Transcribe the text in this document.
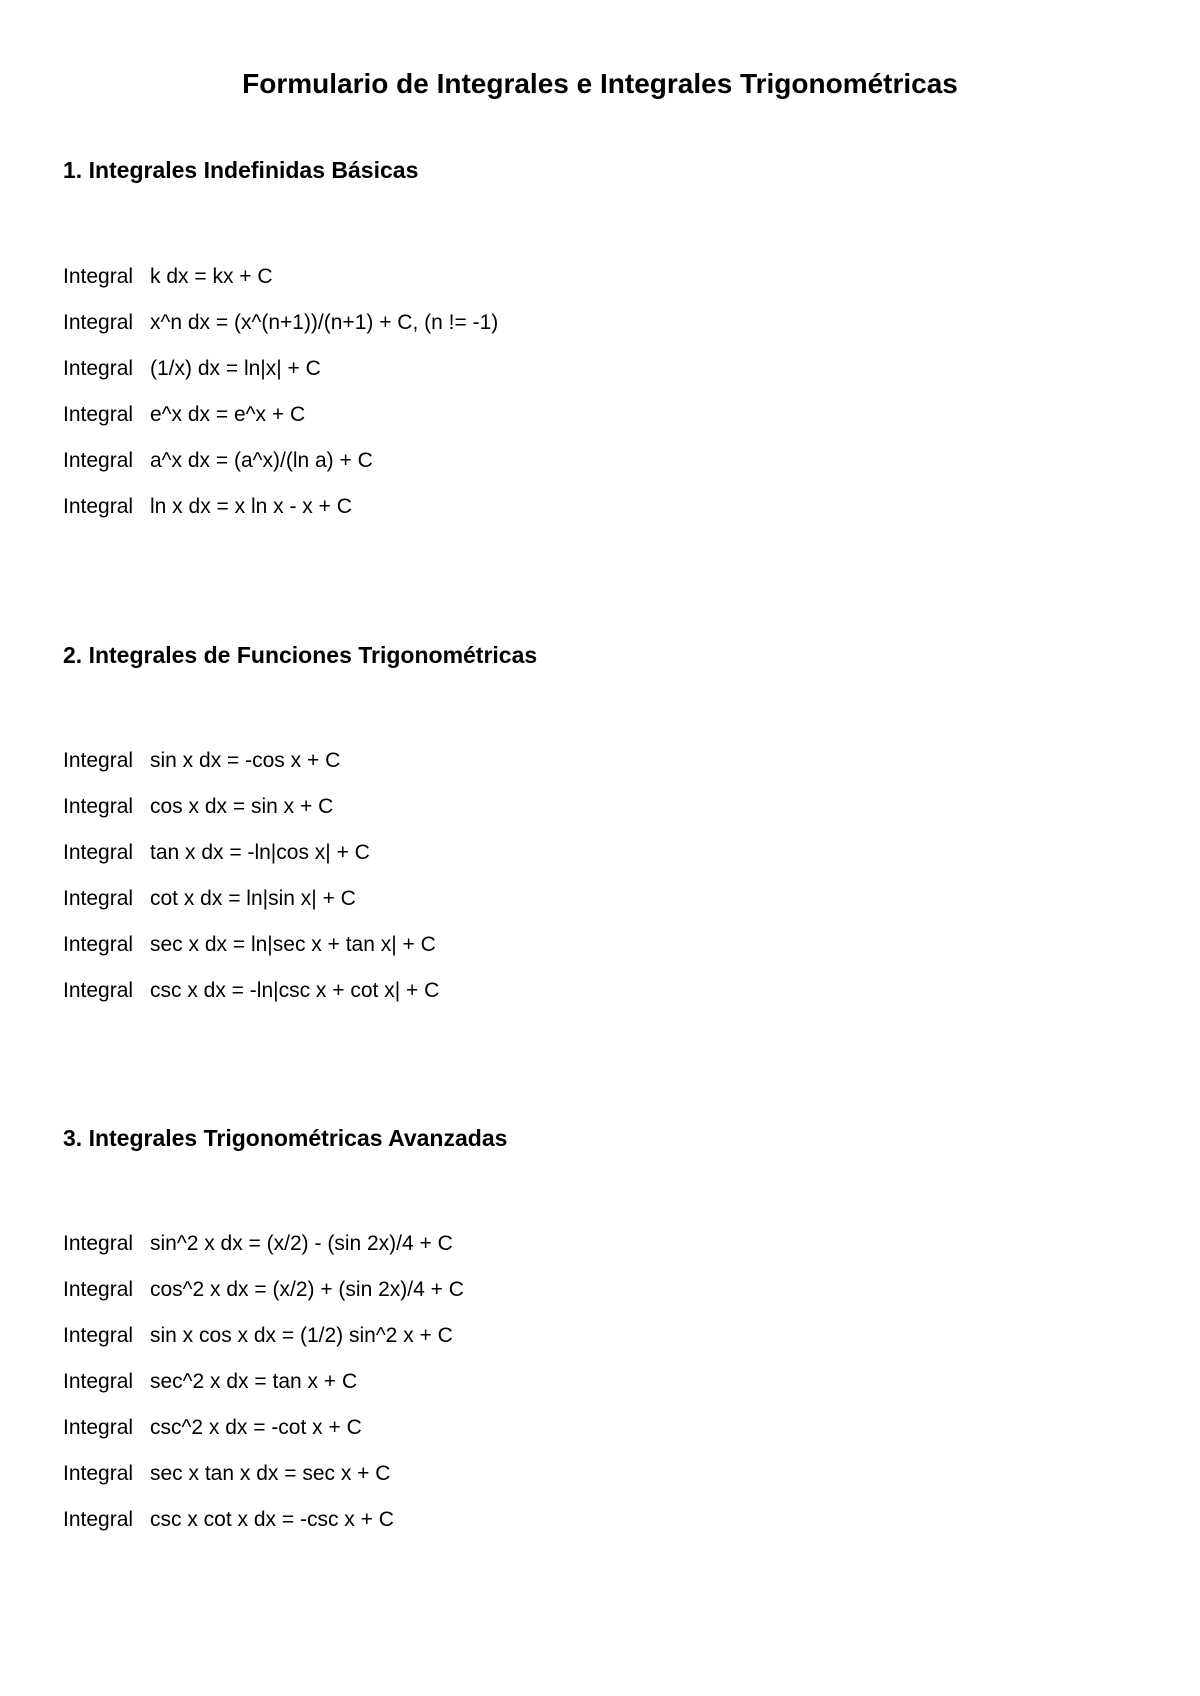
Formulario de Integrales e Integrales Trigonométricas
1. Integrales Indefinidas Básicas
Integral k dx = kx + C
Integral x^n dx = (x^(n+1))/(n+1) + C, (n != -1)
Integral (1/x) dx = ln|x| + C
Integral e^x dx = e^x + C
Integral a^x dx = (a^x)/(ln a) + C
Integral ln x dx = x ln x - x + C
2. Integrales de Funciones Trigonométricas
Integral sin x dx = -cos x + C
Integral cos x dx = sin x + C
Integral tan x dx = -ln|cos x| + C
Integral cot x dx = ln|sin x| + C
Integral sec x dx = ln|sec x + tan x| + C
Integral csc x dx = -ln|csc x + cot x| + C
3. Integrales Trigonométricas Avanzadas
Integral sin^2 x dx = (x/2) - (sin 2x)/4 + C
Integral cos^2 x dx = (x/2) + (sin 2x)/4 + C
Integral sin x cos x dx = (1/2) sin^2 x + C
Integral sec^2 x dx = tan x + C
Integral csc^2 x dx = -cot x + C
Integral sec x tan x dx = sec x + C
Integral csc x cot x dx = -csc x + C
